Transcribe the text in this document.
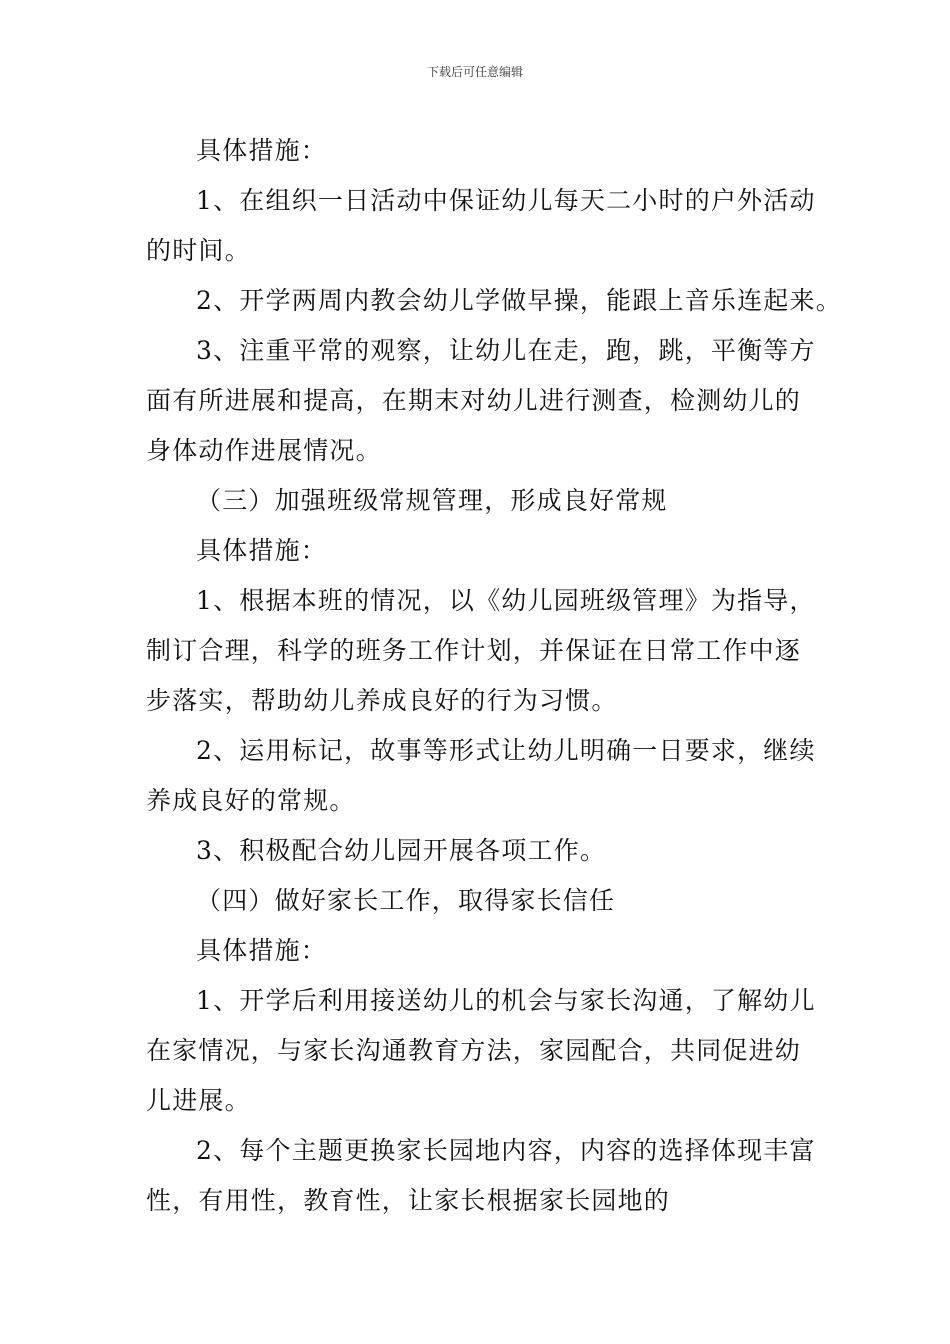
下载后可任意编辑
具体措施：
1、在组织一日活动中保证幼儿每天二小时的户外活动
的时间。
2、开学两周内教会幼儿学做早操，能跟上音乐连起来。
3、注重平常的观察，让幼儿在走，跑，跳，平衡等方
面有所进展和提高，在期末对幼儿进行测查，检测幼儿的
身体动作进展情况。
（三）加强班级常规管理，形成良好常规
具体措施：
1、根据本班的情况，以《幼儿园班级管理》为指导，
制订合理，科学的班务工作计划，并保证在日常工作中逐
步落实，帮助幼儿养成良好的行为习惯。
2、运用标记，故事等形式让幼儿明确一日要求，继续
养成良好的常规。
3、积极配合幼儿园开展各项工作。
（四）做好家长工作，取得家长信任
具体措施：
1、开学后利用接送幼儿的机会与家长沟通，了解幼儿
在家情况，与家长沟通教育方法，家园配合，共同促进幼
儿进展。
2、每个主题更换家长园地内容，内容的选择体现丰富
性，有用性，教育性，让家长根据家长园地的
